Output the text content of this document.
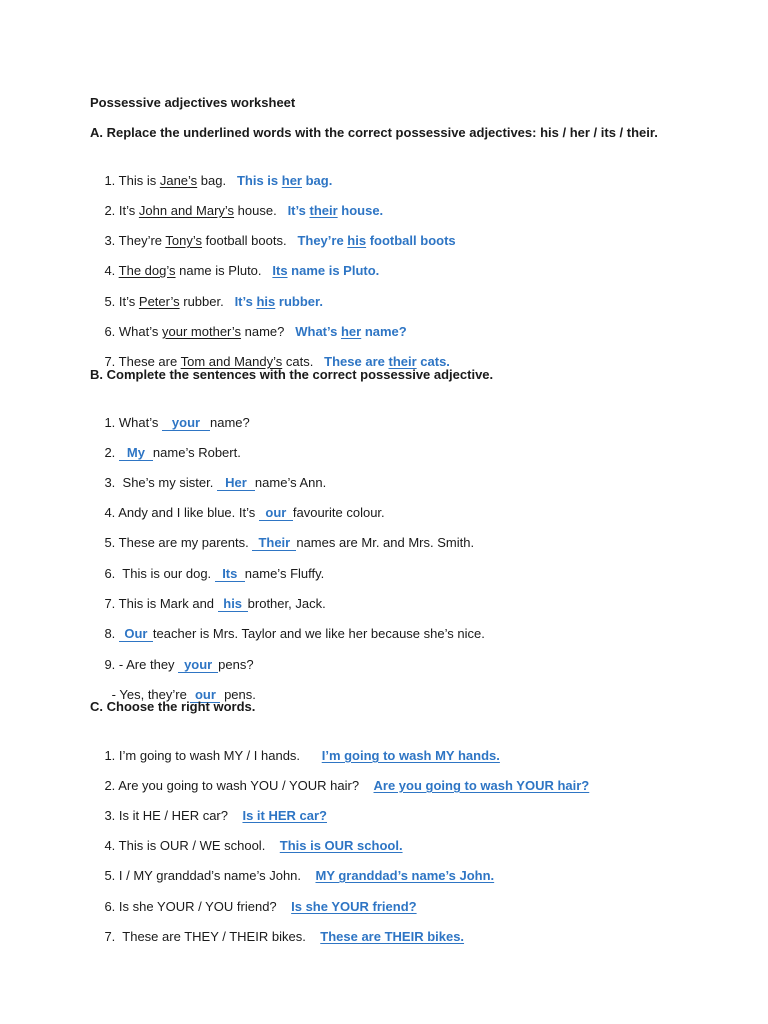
Possessive adjectives worksheet
A. Replace the underlined words with the correct possessive adjectives: his / her / its / their.

1. This is Jane’s bag. This is her bag.

2. It’s John and Mary’s house. It’s their house.

3. They’re Tony’s football boots. They’re his football boots

4. The dog’s name is Pluto. Its name is Pluto.

5. It’s Peter’s rubber. It’s his rubber.

6. What’s your mother’s name? What’s her name?

7. These are Tom and Mandy’s cats. These are their cats.

B. Complete the sentences with the correct possessive adjective.

1. What’s your name?

2. My name’s Robert.

3.  She’s my sister. Her name’s Ann.

4. Andy and I like blue. It’s our favourite colour.

5. These are my parents. Their names are Mr. and Mrs. Smith.

6.  This is our dog. Its name’s Fluffy.

7. This is Mark and his brother, Jack.

8. Our teacher is Mrs. Taylor and we like her because she’s nice.

9. - Are they your pens?

- Yes, they’re our pens.

C. Choose the right words.

1. I’m going to wash MY / I hands. I’m going to wash MY hands.

2. Are you going to wash YOU / YOUR hair? Are you going to wash YOUR hair?

3. Is it HE / HER car? Is it HER car?

4. This is OUR / WE school. This is OUR school.

5. I / MY granddad’s name’s John. MY granddad’s name’s John.

6. Is she YOUR / YOU friend? Is she YOUR friend?

7.  These are THEY / THEIR bikes. These are THEIR bikes.
